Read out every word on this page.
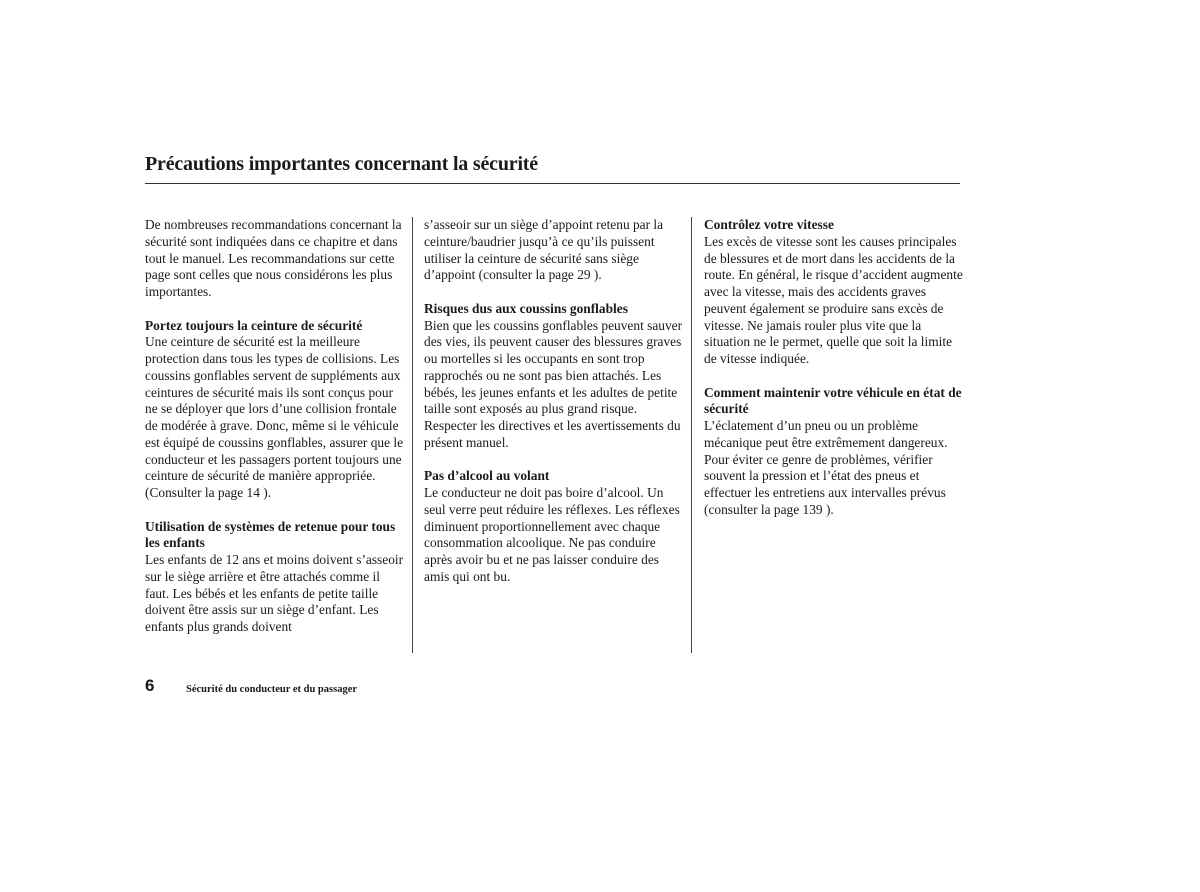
Précautions importantes concernant la sécurité

De nombreuses recommandations concernant la sécurité sont indiquées dans ce chapitre et dans tout le manuel. Les recommandations sur cette page sont celles que nous considérons les plus importantes.

Portez toujours la ceinture de sécurité
Une ceinture de sécurité est la meilleure protection dans tous les types de collisions. Les coussins gonflables servent de suppléments aux ceintures de sécurité mais ils sont conçus pour ne se déployer que lors d’une collision frontale de modérée à grave. Donc, même si le véhicule est équipé de coussins gonflables, assurer que le conducteur et les passagers portent toujours une ceinture de sécurité de manière appropriée. (Consulter la page 14 ).

Utilisation de systèmes de retenue pour tous les enfants
Les enfants de 12 ans et moins doivent s’asseoir sur le siège arrière et être attachés comme il faut. Les bébés et les enfants de petite taille doivent être assis sur un siège d’enfant. Les enfants plus grands doivent

s’asseoir sur un siège d’appoint retenu par la ceinture/baudrier jusqu’à ce qu’ils puissent utiliser la ceinture de sécurité sans siège d’appoint (consulter la page 29 ).

Risques dus aux coussins gonflables
Bien que les coussins gonflables peuvent sauver des vies, ils peuvent causer des blessures graves ou mortelles si les occupants en sont trop rapprochés ou ne sont pas bien attachés. Les bébés, les jeunes enfants et les adultes de petite taille sont exposés au plus grand risque. Respecter les directives et les avertissements du présent manuel.

Pas d’alcool au volant
Le conducteur ne doit pas boire d’alcool. Un seul verre peut réduire les réflexes. Les réflexes diminuent proportionnellement avec chaque consommation alcoolique. Ne pas conduire après avoir bu et ne pas laisser conduire des amis qui ont bu.

Contrôlez votre vitesse
Les excès de vitesse sont les causes principales de blessures et de mort dans les accidents de la route. En général, le risque d’accident augmente avec la vitesse, mais des accidents graves peuvent également se produire sans excès de vitesse. Ne jamais rouler plus vite que la situation ne le permet, quelle que soit la limite de vitesse indiquée.

Comment maintenir votre véhicule en état de sécurité
L’éclatement d’un pneu ou un problème mécanique peut être extrêmement dangereux. Pour éviter ce genre de problèmes, vérifier souvent la pression et l’état des pneus et effectuer les entretiens aux intervalles prévus (consulter la page 139 ).

6	Sécurité du conducteur et du passager
